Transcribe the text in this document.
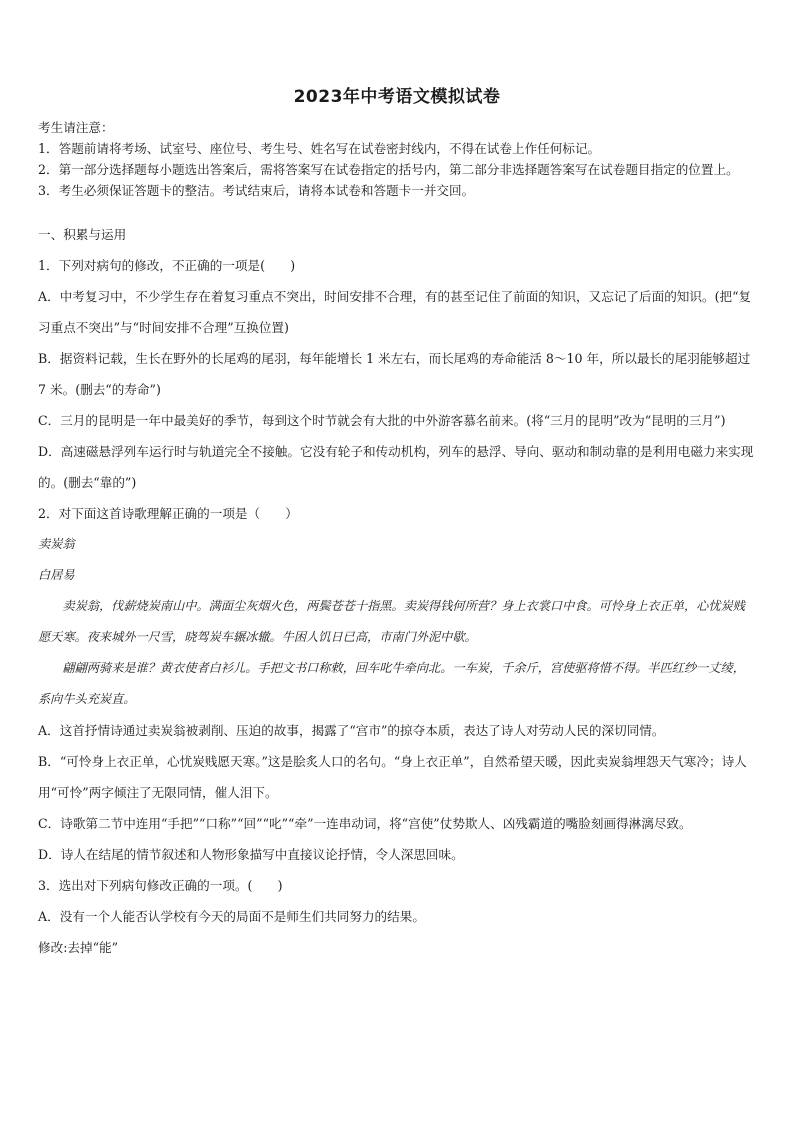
2023年中考语文模拟试卷
考生请注意：
1．答题前请将考场、试室号、座位号、考生号、姓名写在试卷密封线内，不得在试卷上作任何标记。
2．第一部分选择题每小题选出答案后，需将答案写在试卷指定的括号内，第二部分非选择题答案写在试卷题目指定的位置上。
3．考生必须保证答题卡的整洁。考试结束后，请将本试卷和答题卡一并交回。

一、积累与运用

1．下列对病句的修改，不正确的一项是(　　)

A．中考复习中，不少学生存在着复习重点不突出，时间安排不合理，有的甚至记住了前面的知识，又忘记了后面的知识。(把“复习重点不突出”与“时间安排不合理”互换位置)

B．据资料记载，生长在野外的长尾鸡的尾羽，每年能增长 1 米左右，而长尾鸡的寿命能活 8～10 年，所以最长的尾羽能够超过 7 米。(删去“的寿命”)

C．三月的昆明是一年中最美好的季节，每到这个时节就会有大批的中外游客慕名前来。(将“三月的昆明”改为“昆明的三月”)

D．高速磁悬浮列车运行时与轨道完全不接触。它没有轮子和传动机构，列车的悬浮、导向、驱动和制动靠的是利用电磁力来实现的。(删去“靠的”)

2．对下面这首诗歌理解正确的一项是（　　）

卖炭翁

白居易

卖炭翁，伐薪烧炭南山中。满面尘灰烟火色，两鬓苍苍十指黑。卖炭得钱何所营？身上衣裳口中食。可怜身上衣正单，心忧炭贱愿天寒。夜来城外一尺雪，晓驾炭车辗冰辙。牛困人饥日已高，市南门外泥中歇。

翩翩两骑来是谁？黄衣使者白衫儿。手把文书口称敕，回车叱牛牵向北。一车炭，千余斤，宫使驱将惜不得。半匹红纱一丈绫，系向牛头充炭直。

A．这首抒情诗通过卖炭翁被剥削、压迫的故事，揭露了“宫市”的掠夺本质，表达了诗人对劳动人民的深切同情。

B．“可怜身上衣正单，心忧炭贱愿天寒。”这是脍炙人口的名句。“身上衣正单”，自然希望天暖，因此卖炭翁埋怨天气寒冷；诗人用“可怜”两字倾注了无限同情，催人泪下。

C．诗歌第二节中连用“手把”“口称”“回”“叱”“牵”一连串动词，将“宫使”仗势欺人、凶残霸道的嘴脸刻画得淋漓尽致。

D．诗人在结尾的情节叙述和人物形象描写中直接议论抒情，令人深思回味。

3．选出对下列病句修改正确的一项。(　　)

A．没有一个人能否认学校有今天的局面不是师生们共同努力的结果。

修改:去掉“能”
